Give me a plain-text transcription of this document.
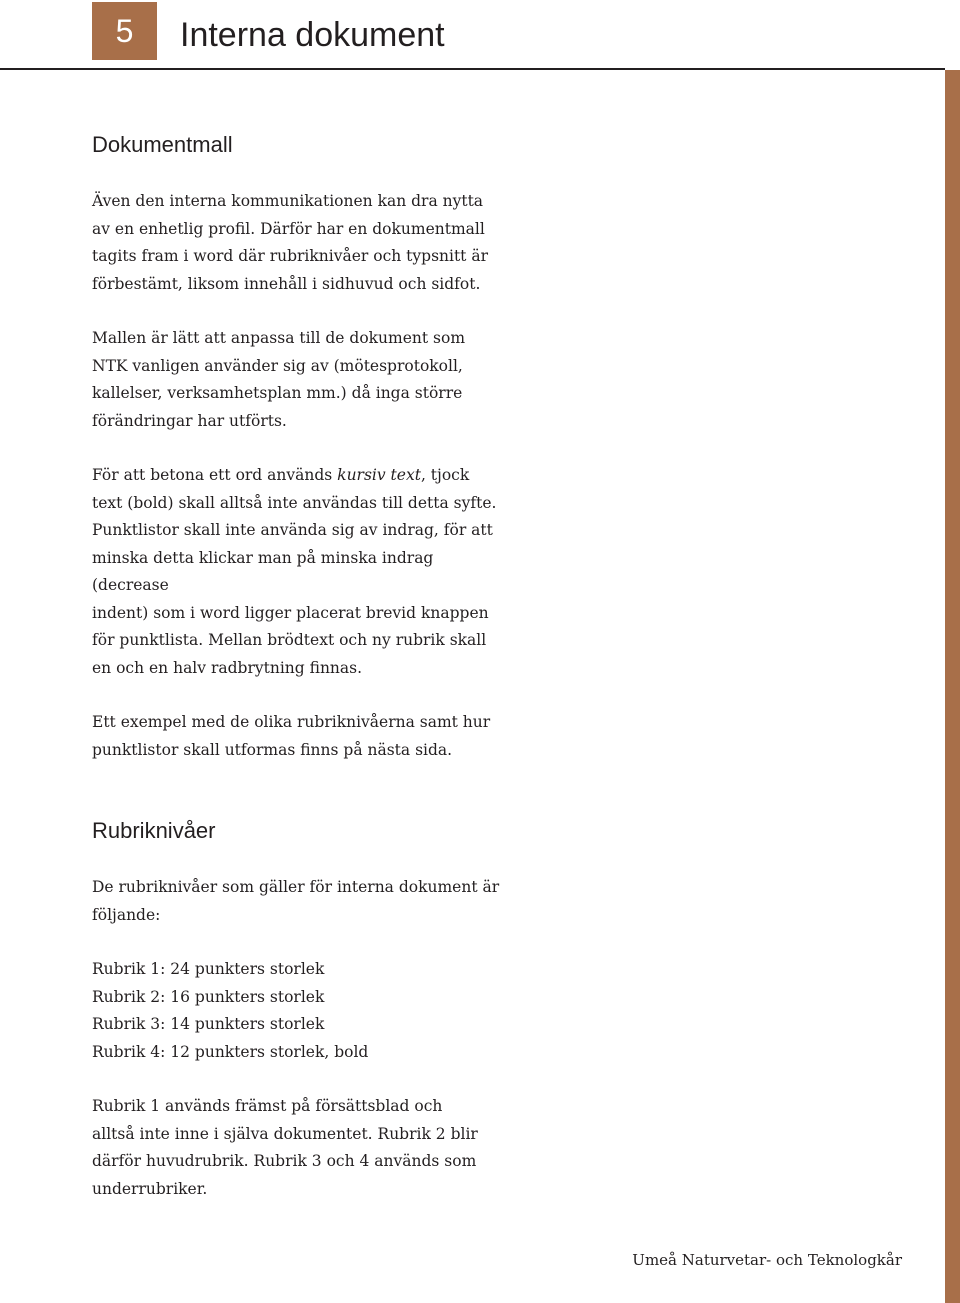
5	Interna dokument
Dokumentmall

Även den interna kommunikationen kan dra nytta
av en enhetlig profil. Därför har en dokumentmall
tagits fram i word där rubriknivåer och typsnitt är
förbestämt, liksom innehåll i sidhuvud och sidfot.

Mallen är lätt att anpassa till de dokument som
NTK vanligen använder sig av (mötesprotokoll,
kallelser, verksamhetsplan mm.) då inga större
förändringar har utförts.

För att betona ett ord används kursiv text, tjock
text (bold) skall alltså inte användas till detta syfte.
Punktlistor skall inte använda sig av indrag, för att
minska detta klickar man på minska indrag (decrease
indent) som i word ligger placerat brevid knappen
för punktlista. Mellan brödtext och ny rubrik skall
en och en halv radbrytning finnas.

Ett exempel med de olika rubriknivåerna samt hur
punktlistor skall utformas finns på nästa sida.

Rubriknivåer

De rubriknivåer som gäller för interna dokument är
följande:

Rubrik 1: 24 punkters storlek
Rubrik 2: 16 punkters storlek
Rubrik 3: 14 punkters storlek
Rubrik 4: 12 punkters storlek, bold

Rubrik 1 används främst på försättsblad och
alltså inte inne i själva dokumentet. Rubrik 2 blir
därför huvudrubrik. Rubrik 3 och 4 används som
underrubriker.

Umeå Naturvetar- och Teknologkår
